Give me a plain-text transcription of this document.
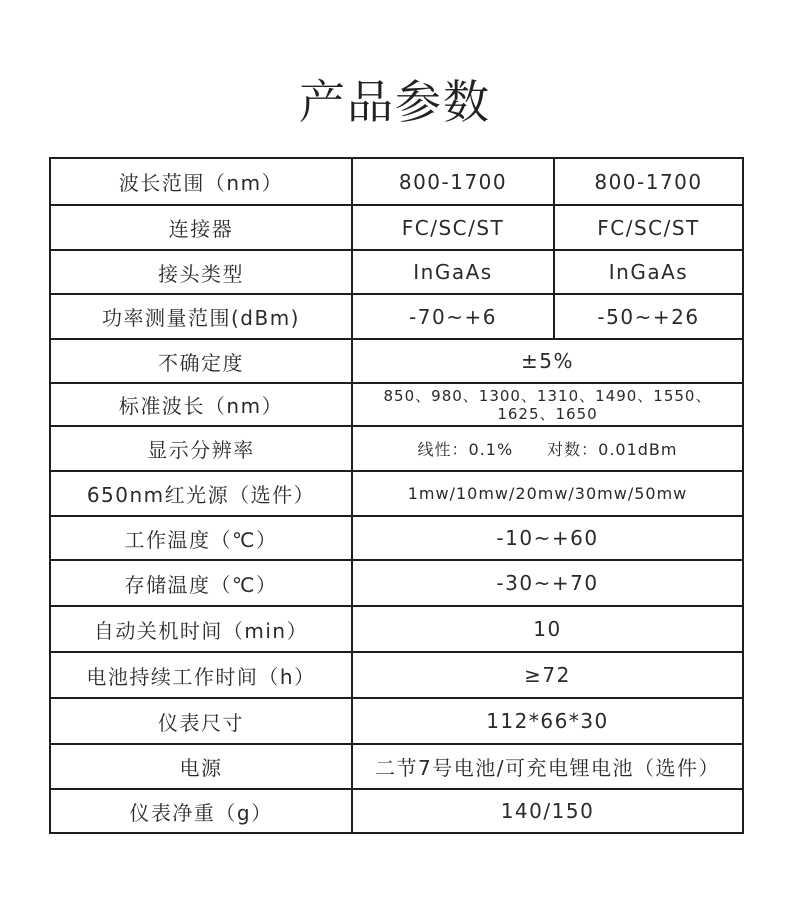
产品参数
波长范围（nm）	800-1700	800-1700
连接器	FC/SC/ST	FC/SC/ST
接头类型	InGaAs	InGaAs
功率测量范围(dBm)	-70~+6	-50~+26
不确定度	±5%	
标准波长（nm）	850、980、1300、1310、1490、1550、1625、1650	
显示分辨率	线性：0.1%　　对数：0.01dBm	
650nm红光源（选件）	1mw/10mw/20mw/30mw/50mw	
工作温度（℃）	-10~+60	
存储温度（℃）	-30~+70	
自动关机时间（min）	10	
电池持续工作时间（h）	≥72	
仪表尺寸	112*66*30	
电源	二节7号电池/可充电锂电池（选件）	
仪表净重（g）	140/150	
